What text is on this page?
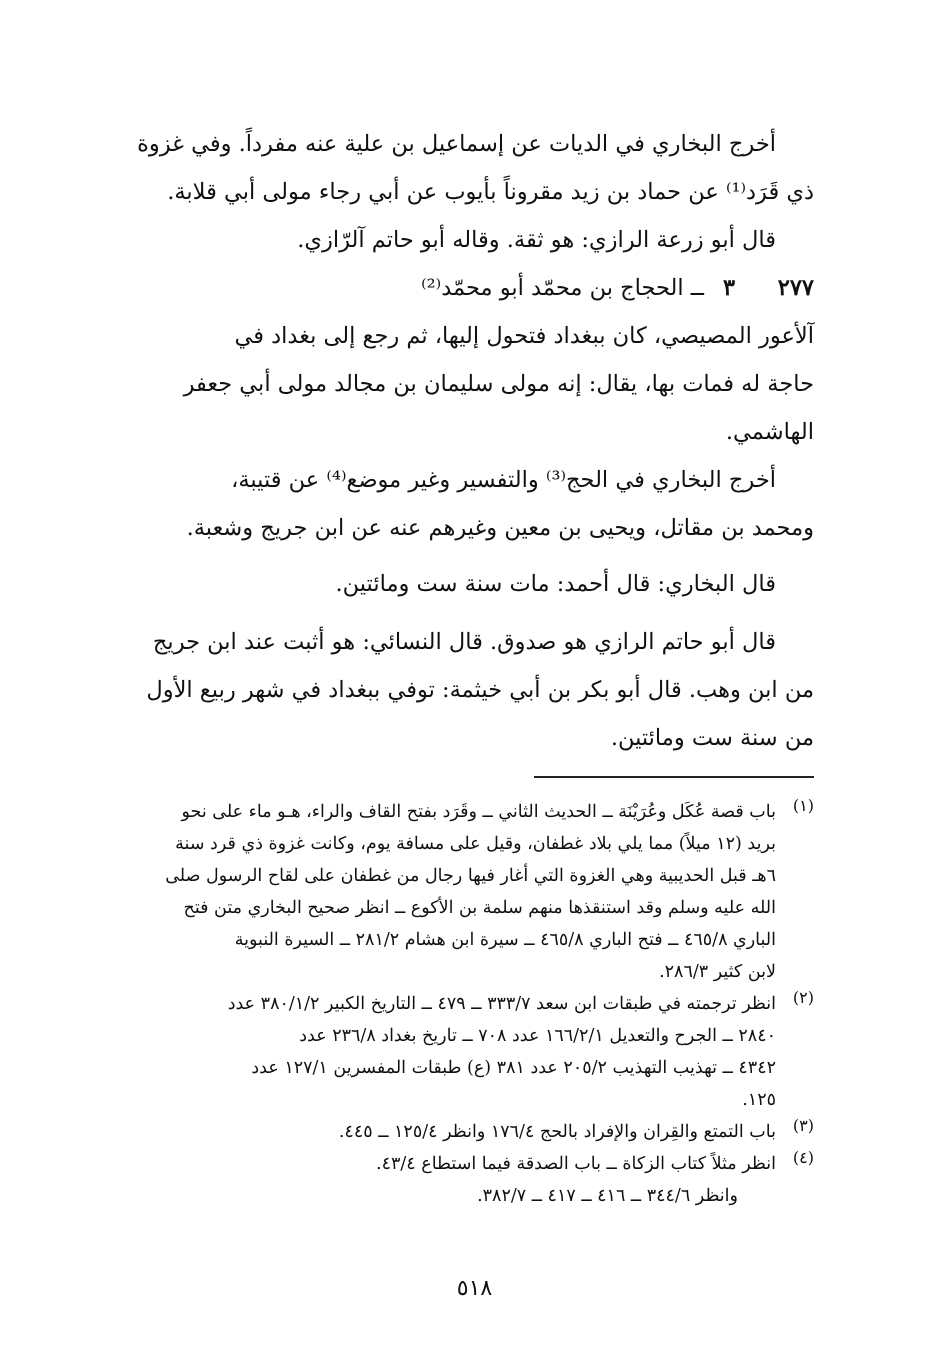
أخرج البخاري في الديات عن إسماعيل بن علية عنه مفرداً. وفي غزوة
ذي قَرَد⁽¹⁾ عن حماد بن زيد مقروناً بأيوب عن أبي رجاء مولى أبي قلابة.

قال أبو زرعة الرازي: هو ثقة. وقاله أبو حاتم آلرّازي.

٢٧٧
٣
ــ الحجاج بن محمّد أبو محمّد⁽²⁾

آلأعور المصيصي، كان ببغداد فتحول إليها، ثم رجع إلى بغداد في
حاجة له فمات بها، يقال: إنه مولى سليمان بن مجالد مولى أبي جعفر
الهاشمي.

أخرج البخاري في الحج⁽³⁾ والتفسير وغير موضع⁽⁴⁾ عن قتيبة،
ومحمد بن مقاتل، ويحيى بن معين وغيرهم عنه عن ابن جريج وشعبة.

قال البخاري: قال أحمد: مات سنة ست ومائتين.

قال أبو حاتم الرازي هو صدوق. قال النسائي: هو أثبت عند ابن جريج
من ابن وهب. قال أبو بكر بن أبي خيثمة: توفي ببغداد في شهر ربيع الأول
من سنة ست ومائتين.

(١)

باب قصة عُكَل وعُرَيْنَة ــ الحديث الثاني ــ وقَرَد بفتح القاف والراء، هـو ماء على نحو
بريد (١٢ ميلاً) مما يلي بلاد غطفان، وقيل على مسافة يوم، وكانت غزوة ذي قرد سنة
٦هـ قبل الحديبية وهي الغزوة التي أغار فيها رجال من غطفان على لقاح الرسول صلى
الله عليه وسلم وقد استنقذها منهم سلمة بن الأكوع ــ انظر صحيح البخاري متن فتح
الباري ٤٦٥/٨ ــ فتح الباري ٤٦٥/٨ ــ سيرة ابن هشام ٢٨١/٢ ــ السيرة النبوية
لابن كثير ٢٨٦/٣.

(٢)

انظر ترجمته في طبقات ابن سعد ٣٣٣/٧ ــ ٤٧٩ ــ التاريخ الكبير ٣٨٠/١/٢ عدد
٢٨٤٠ ــ الجرح والتعديل ١٦٦/٢/١ عدد ٧٠٨ ــ تاريخ بغداد ٢٣٦/٨ عدد
٤٣٤٢ ــ تهذيب التهذيب ٢٠٥/٢ عدد ٣٨١ (ع) طبقات المفسرين ١٢٧/١ عدد
١٢٥.

(٣)

باب التمتع والقِران والإفراد بالحج ١٧٦/٤ وانظر ١٢٥/٤ ــ ٤٤٥.

(٤)

انظر مثلاً كتاب الزكاة ــ باب الصدقة فيما استطاع ٤٣/٤.
وانظر ٣٤٤/٦ ــ ٤١٦ ــ ٤١٧ ــ ٣٨٢/٧.

٥١٨
